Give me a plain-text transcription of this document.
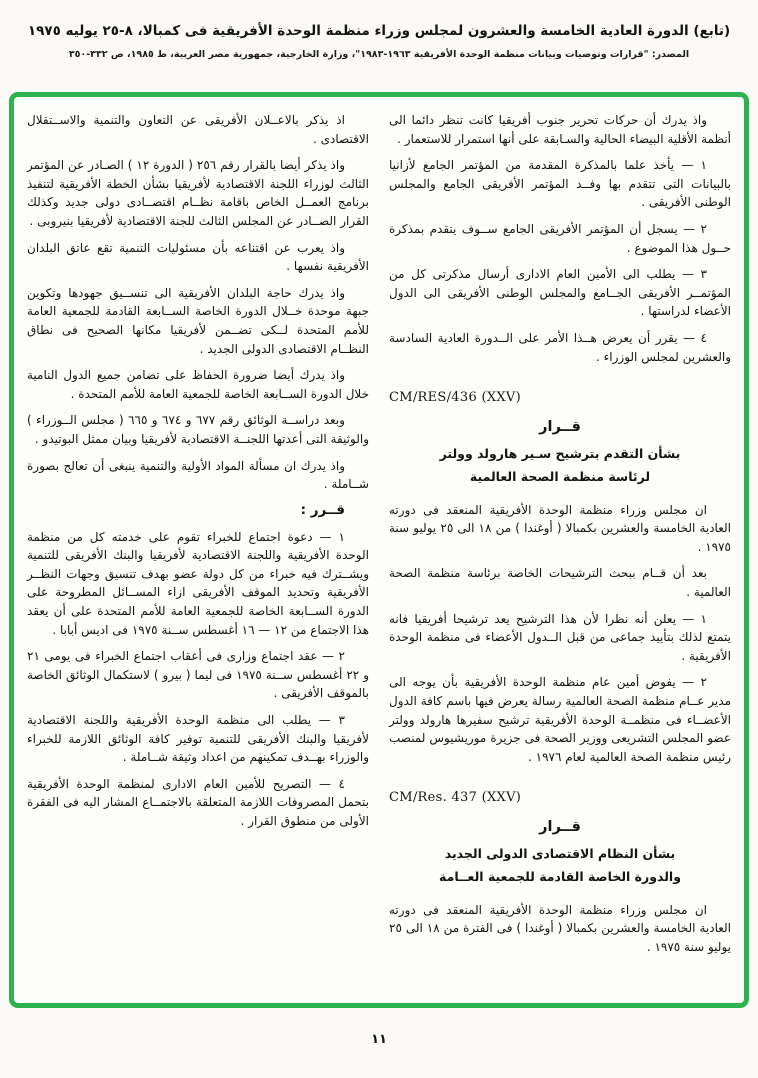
(تابع) الدورة العادية الخامسة والعشرون لمجلس وزراء منظمة الوحدة الأفريقية فى كمبالا، ٨-٢٥ يوليه ١٩٧٥
المصدر: "قرارات وتوصيات وبيانات منظمة الوحدة الأفريقية ١٩٦٣-١٩٨٣"، وزارة الخارجية، جمهورية مصر العربية، ط ١٩٨٥، ص ٣٣٢-٣٥٠

واذ يدرك أن حركات تحرير جنوب أفريقيا كانت تنظر دائما الى أنظمة الأقلية البيضاء الحالية والسـابقة على أنها استمرار للاستعمار .

١ — يأخذ علما بالمذكرة المقدمة من المؤتمر الجامع لأزانيا بالبيانات التى تتقدم بها وفــد المؤتمر الأفريقى الجامع والمجلس الوطنى الأفريقى .

٢ — يسجل أن المؤتمر الأفريقى الجامع ســوف يتقدم بمذكرة حــول هذا الموضوع .

٣ — يطلب الى الأمين العام الادارى أرسال مذكرتى كل من المؤتمــر الأفريقى الجــامع والمجلس الوطنى الأفريقى الى الدول الأعضاء لدراستها .

٤ — يقرر أن يعرض هــذا الأمر على الــدورة العادية السادسة والعشرين لمجلس الوزراء .

CM/RES/436 (XXV)
قــرار
بشأن التقدم بترشيح سـير هارولد وولتر
لرئاسة منظمة الصحة العالمية

ان مجلس وزراء منظمة الوحدة الأفريقية المنعقد فى دورته العادية الخامسة والعشرين بكمبالا ( أوغندا ) من ١٨ الى ٢٥ يوليو سنة ١٩٧٥ .

بعد أن قــام ببحث الترشيحات الخاصة برئاسة منظمة الصحة العالمية .

١ — يعلن أنه نظرا لأن هذا الترشيح يعد ترشيحا أفريقيا فانه يتمتع لذلك بتأييد جماعى من قبل الــدول الأعضاء فى منظمة الوحدة الأفريقية .

٢ — يفوض أمين عام منظمة الوحدة الأفريقية بأن يوجه الى مدير عــام منظمة الصحة العالمية رسالة يعرض فيها باسم كافة الدول الأعضــاء فى منظمــة الوحدة الأفريقية ترشيح سفيرها هارولد وولتر عضو المجلس التشريعى ووزير الصحة فى جزيرة موريشيوس لمنصب رئيس منظمة الصحة العالمية لعام ١٩٧٦ .

CM/Res. 437 (XXV)
قــرار
بشأن النظام الاقتصادى الدولى الجديد
والدورة الخاصة القادمة للجمعية العــامة

ان مجلس وزراء منظمة الوحدة الأفريقية المنعقد فى دورته العادية الخامسة والعشرين بكمبالا ( أوغندا ) فى الفترة من ١٨ الى ٢٥ يوليو سنة ١٩٧٥ .

اذ يذكر بالاعــلان الأفريقى عن التعاون والتنمية والاســتقلال الاقتصادى .

واذ يذكر أيضا بالقرار رقم ٢٥٦ ( الدورة ١٢ ) الصـادر عن المؤتمر الثالث لوزراء اللجنة الاقتصادية لأفريقيا بشأن الخطة الأفريقية لتنفيذ برنامج العمــل الخاص باقامة نظــام اقتصــادى دولى جديد وكذلك القرار الصــادر عن المجلس الثالث للجنة الاقتصادية لأفريقيا بنيروبى .

واذ يعرب عن اقتناعه بأن مسئوليات التنمية تقع عاتق البلدان الأفريقية نفسها .

واذ يدرك حاجة البلدان الأفريقية الى تنســيق جهودها وتكوين جبهة موحدة خــلال الدورة الخاصة الســابعة القادمة للجمعية العامة للأمم المتحدة لــكى تضــمن لأفريقيا مكانها الصحيح فى نطاق النظــام الاقتصادى الدولى الجديد .

واذ يدرك أيضا ضرورة الحفاظ على تضامن جميع الدول النامية خلال الدورة الســابعة الخاصة للجمعية العامة للأمم المتحدة .

وبعد دراســة الوثائق رقم ٦٧٧ و ٦٧٤ و ٦٦٥ ( مجلس الــوزراء ) والوثيقة التى أعدتها اللجنــة الاقتصادية لأفريقيا وبيان ممثل البوتيدو .

واذ يدرك ان مسألة المواد الأولية والتنمية ينبغى أن تعالج بصورة شــاملة .

قــرر :

١ — دعوة اجتماع للخبراء تقوم على خدمته كل من منظمة الوحدة الأفريقية واللجنة الاقتصادية لأفريقيا والبنك الأفريقى للتنمية ويشــترك فيه خبراء من كل دولة عضو بهدف تنسيق وجهات النظــر الأفريقية وتحديد الموقف الأفريقى ازاء المســائل المطروحة على الدورة الســابعة الخاصة للجمعية العامة للأمم المتحدة على أن يعقد هذا الاجتماع من ١٢ — ١٦ أغسطس ســنة ١٩٧٥ فى اديس أبابا .

٢ — عقد اجتماع وزارى فى أعقاب اجتماع الخبراء فى يومى ٢١ و ٢٢ أغسطس ســنة ١٩٧٥ فى ليما ( بيرو ) لاستكمال الوثائق الخاصة بالموقف الأفريقى .

٣ — يطلب الى منظمة الوحدة الأفريقية واللجنة الاقتصادية لأفريقيا والبنك الأفريقى للتنمية توفير كافة الوثائق اللازمة للخبراء والوزراء بهــدف تمكينهم من اعداد وثيقة شــاملة .

٤ — التصريح للأمين العام الادارى لمنظمة الوحدة الأفريقية بتحمل المصروفات اللازمة المتعلقة بالاجتمــاع المشار اليه فى الفقرة الأولى من منطوق القرار .

١١
